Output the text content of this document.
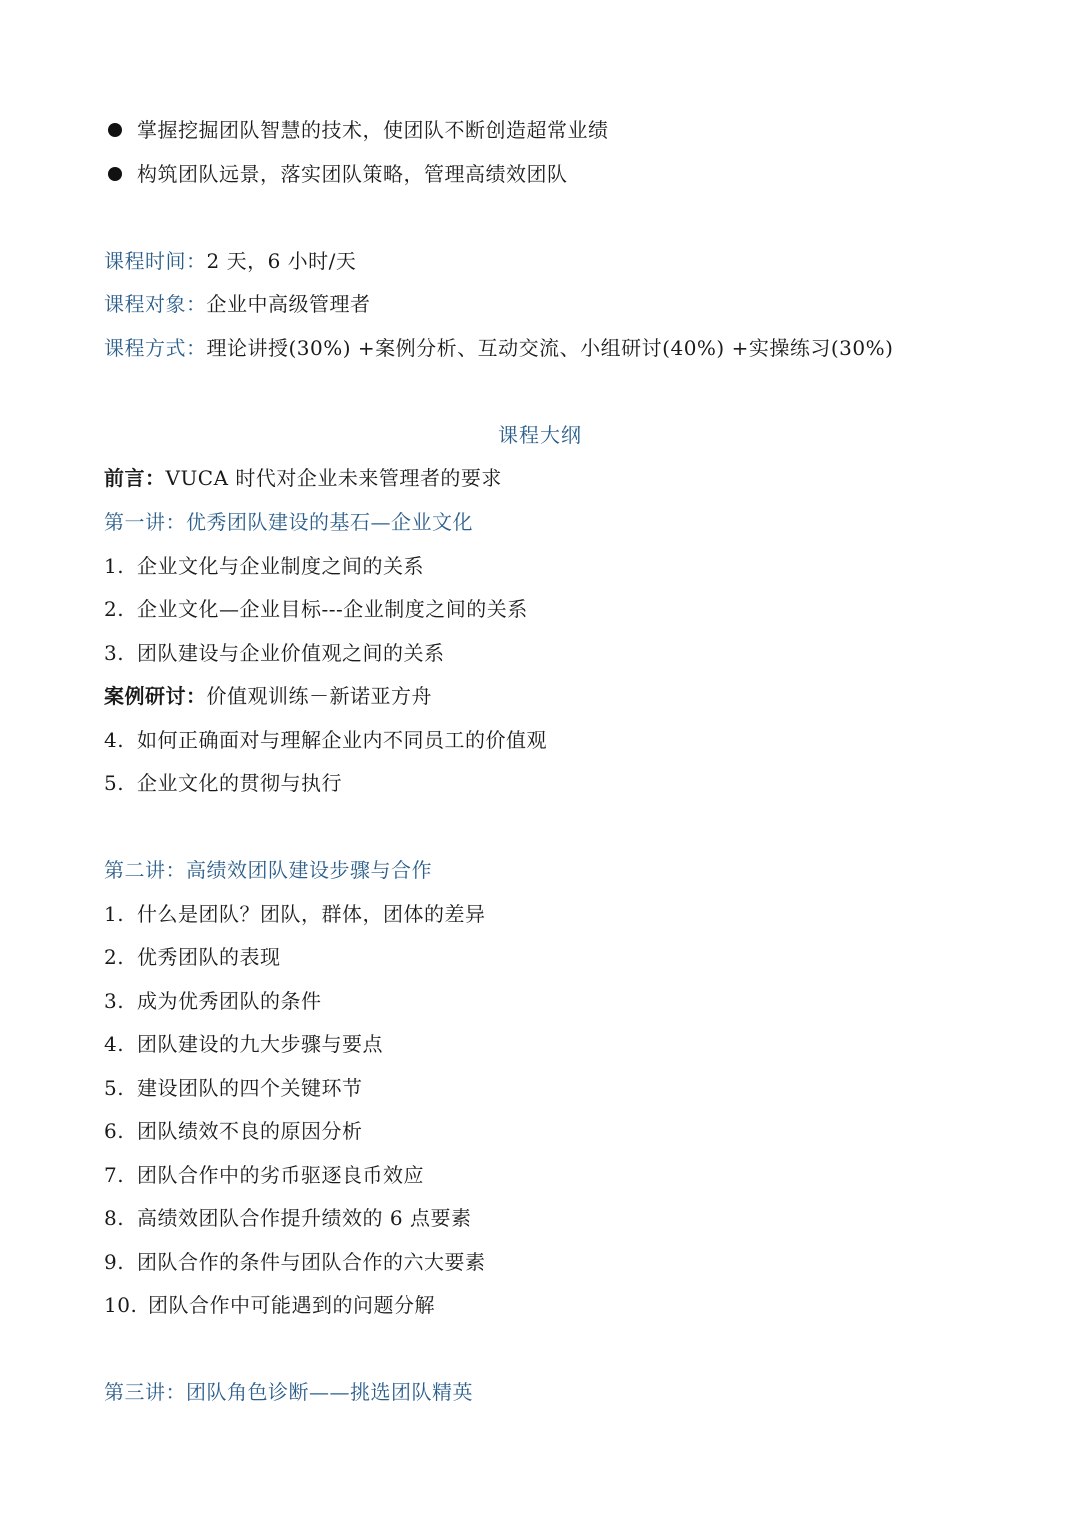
掌握挖掘团队智慧的技术，使团队不断创造超常业绩
构筑团队远景，落实团队策略，管理高绩效团队
课程时间：2 天，6 小时/天
课程对象：企业中高级管理者
课程方式：理论讲授(30%) +案例分析、互动交流、小组研讨(40%) +实操练习(30%)
课程大纲
前言：VUCA 时代对企业未来管理者的要求
第一讲：优秀团队建设的基石—企业文化
1. 企业文化与企业制度之间的关系
2. 企业文化—企业目标---企业制度之间的关系
3. 团队建设与企业价值观之间的关系
案例研讨：价值观训练－新诺亚方舟
4. 如何正确面对与理解企业内不同员工的价值观
5. 企业文化的贯彻与执行
第二讲：高绩效团队建设步骤与合作
1. 什么是团队？团队，群体，团体的差异
2. 优秀团队的表现
3. 成为优秀团队的条件
4. 团队建设的九大步骤与要点
5. 建设团队的四个关键环节
6. 团队绩效不良的原因分析
7. 团队合作中的劣币驱逐良币效应
8. 高绩效团队合作提升绩效的 6 点要素
9. 团队合作的条件与团队合作的六大要素
10. 团队合作中可能遇到的问题分解
第三讲：团队角色诊断——挑选团队精英
